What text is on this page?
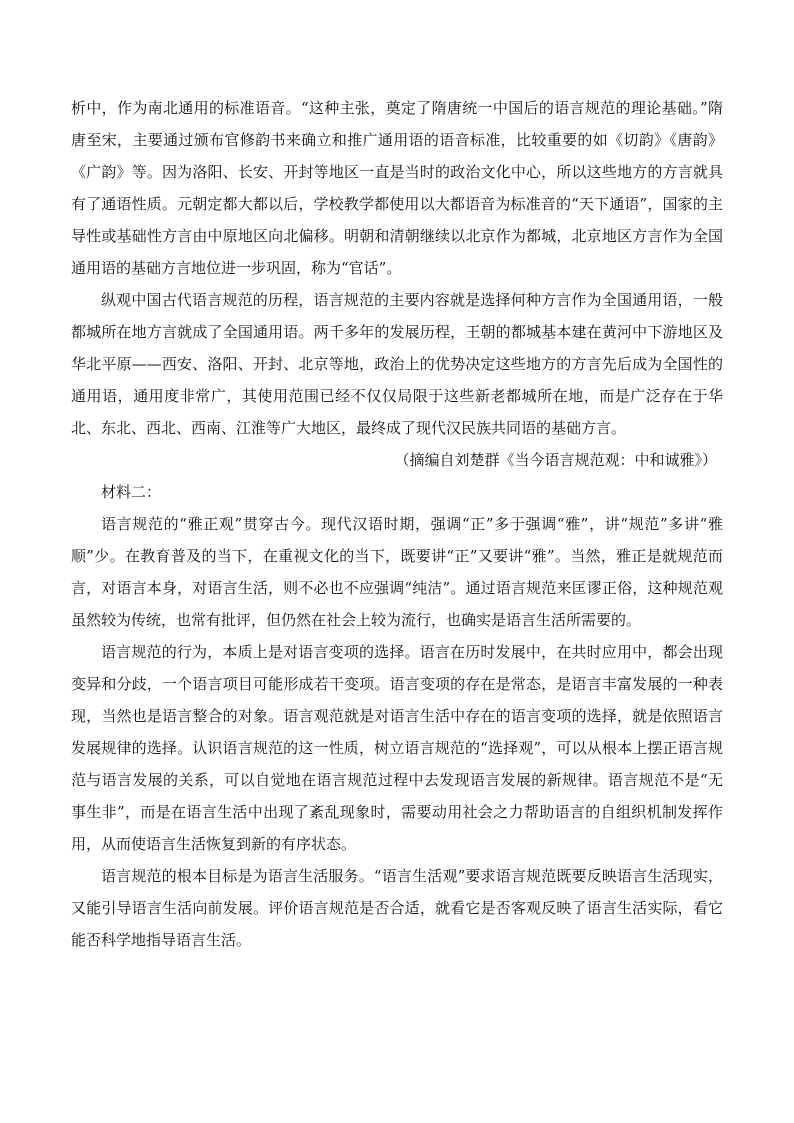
析中，作为南北通用的标准语音。“这种主张，奠定了隋唐统一中国后的语言规范的理论基础。”隋唐至宋，主要通过颁布官修韵书来确立和推广通用语的语音标准，比较重要的如《切韵》《唐韵》《广韵》等。因为洛阳、长安、开封等地区一直是当时的政治文化中心，所以这些地方的方言就具有了通语性质。元朝定都大都以后，学校教学都使用以大都语音为标准音的“天下通语”，国家的主导性或基础性方言由中原地区向北偏移。明朝和清朝继续以北京作为都城，北京地区方言作为全国通用语的基础方言地位进一步巩固，称为“官话”。

纵观中国古代语言规范的历程，语言规范的主要内容就是选择何种方言作为全国通用语，一般都城所在地方言就成了全国通用语。两千多年的发展历程，王朝的都城基本建在黄河中下游地区及华北平原——西安、洛阳、开封、北京等地，政治上的优势决定这些地方的方言先后成为全国性的通用语，通用度非常广，其使用范围已经不仅仅局限于这些新老都城所在地，而是广泛存在于华北、东北、西北、西南、江淮等广大地区，最终成了现代汉民族共同语的基础方言。

（摘编自刘楚群《当今语言规范观：中和诚雅》）

材料二：

语言规范的“雅正观”贯穿古今。现代汉语时期，强调“正”多于强调“雅”，讲“规范”多讲“雅顺”少。在教育普及的当下，在重视文化的当下，既要讲“正”又要讲“雅”。当然，雅正是就规范而言，对语言本身，对语言生活，则不必也不应强调“纯洁”。通过语言规范来匡谬正俗，这种规范观虽然较为传统，也常有批评，但仍然在社会上较为流行，也确实是语言生活所需要的。

语言规范的行为，本质上是对语言变项的选择。语言在历时发展中，在共时应用中，都会出现变异和分歧，一个语言项目可能形成若干变项。语言变项的存在是常态，是语言丰富发展的一种表现，当然也是语言整合的对象。语言观范就是对语言生活中存在的语言变项的选择，就是依照语言发展规律的选择。认识语言规范的这一性质，树立语言规范的“选择观”，可以从根本上摆正语言规范与语言发展的关系，可以自觉地在语言规范过程中去发现语言发展的新规律。语言规范不是“无事生非”，而是在语言生活中出现了紊乱现象时，需要动用社会之力帮助语言的自组织机制发挥作用，从而使语言生活恢复到新的有序状态。

语言规范的根本目标是为语言生活服务。“语言生活观”要求语言规范既要反映语言生活现实，又能引导语言生活向前发展。评价语言规范是否合适，就看它是否客观反映了语言生活实际，看它能否科学地指导语言生活。
